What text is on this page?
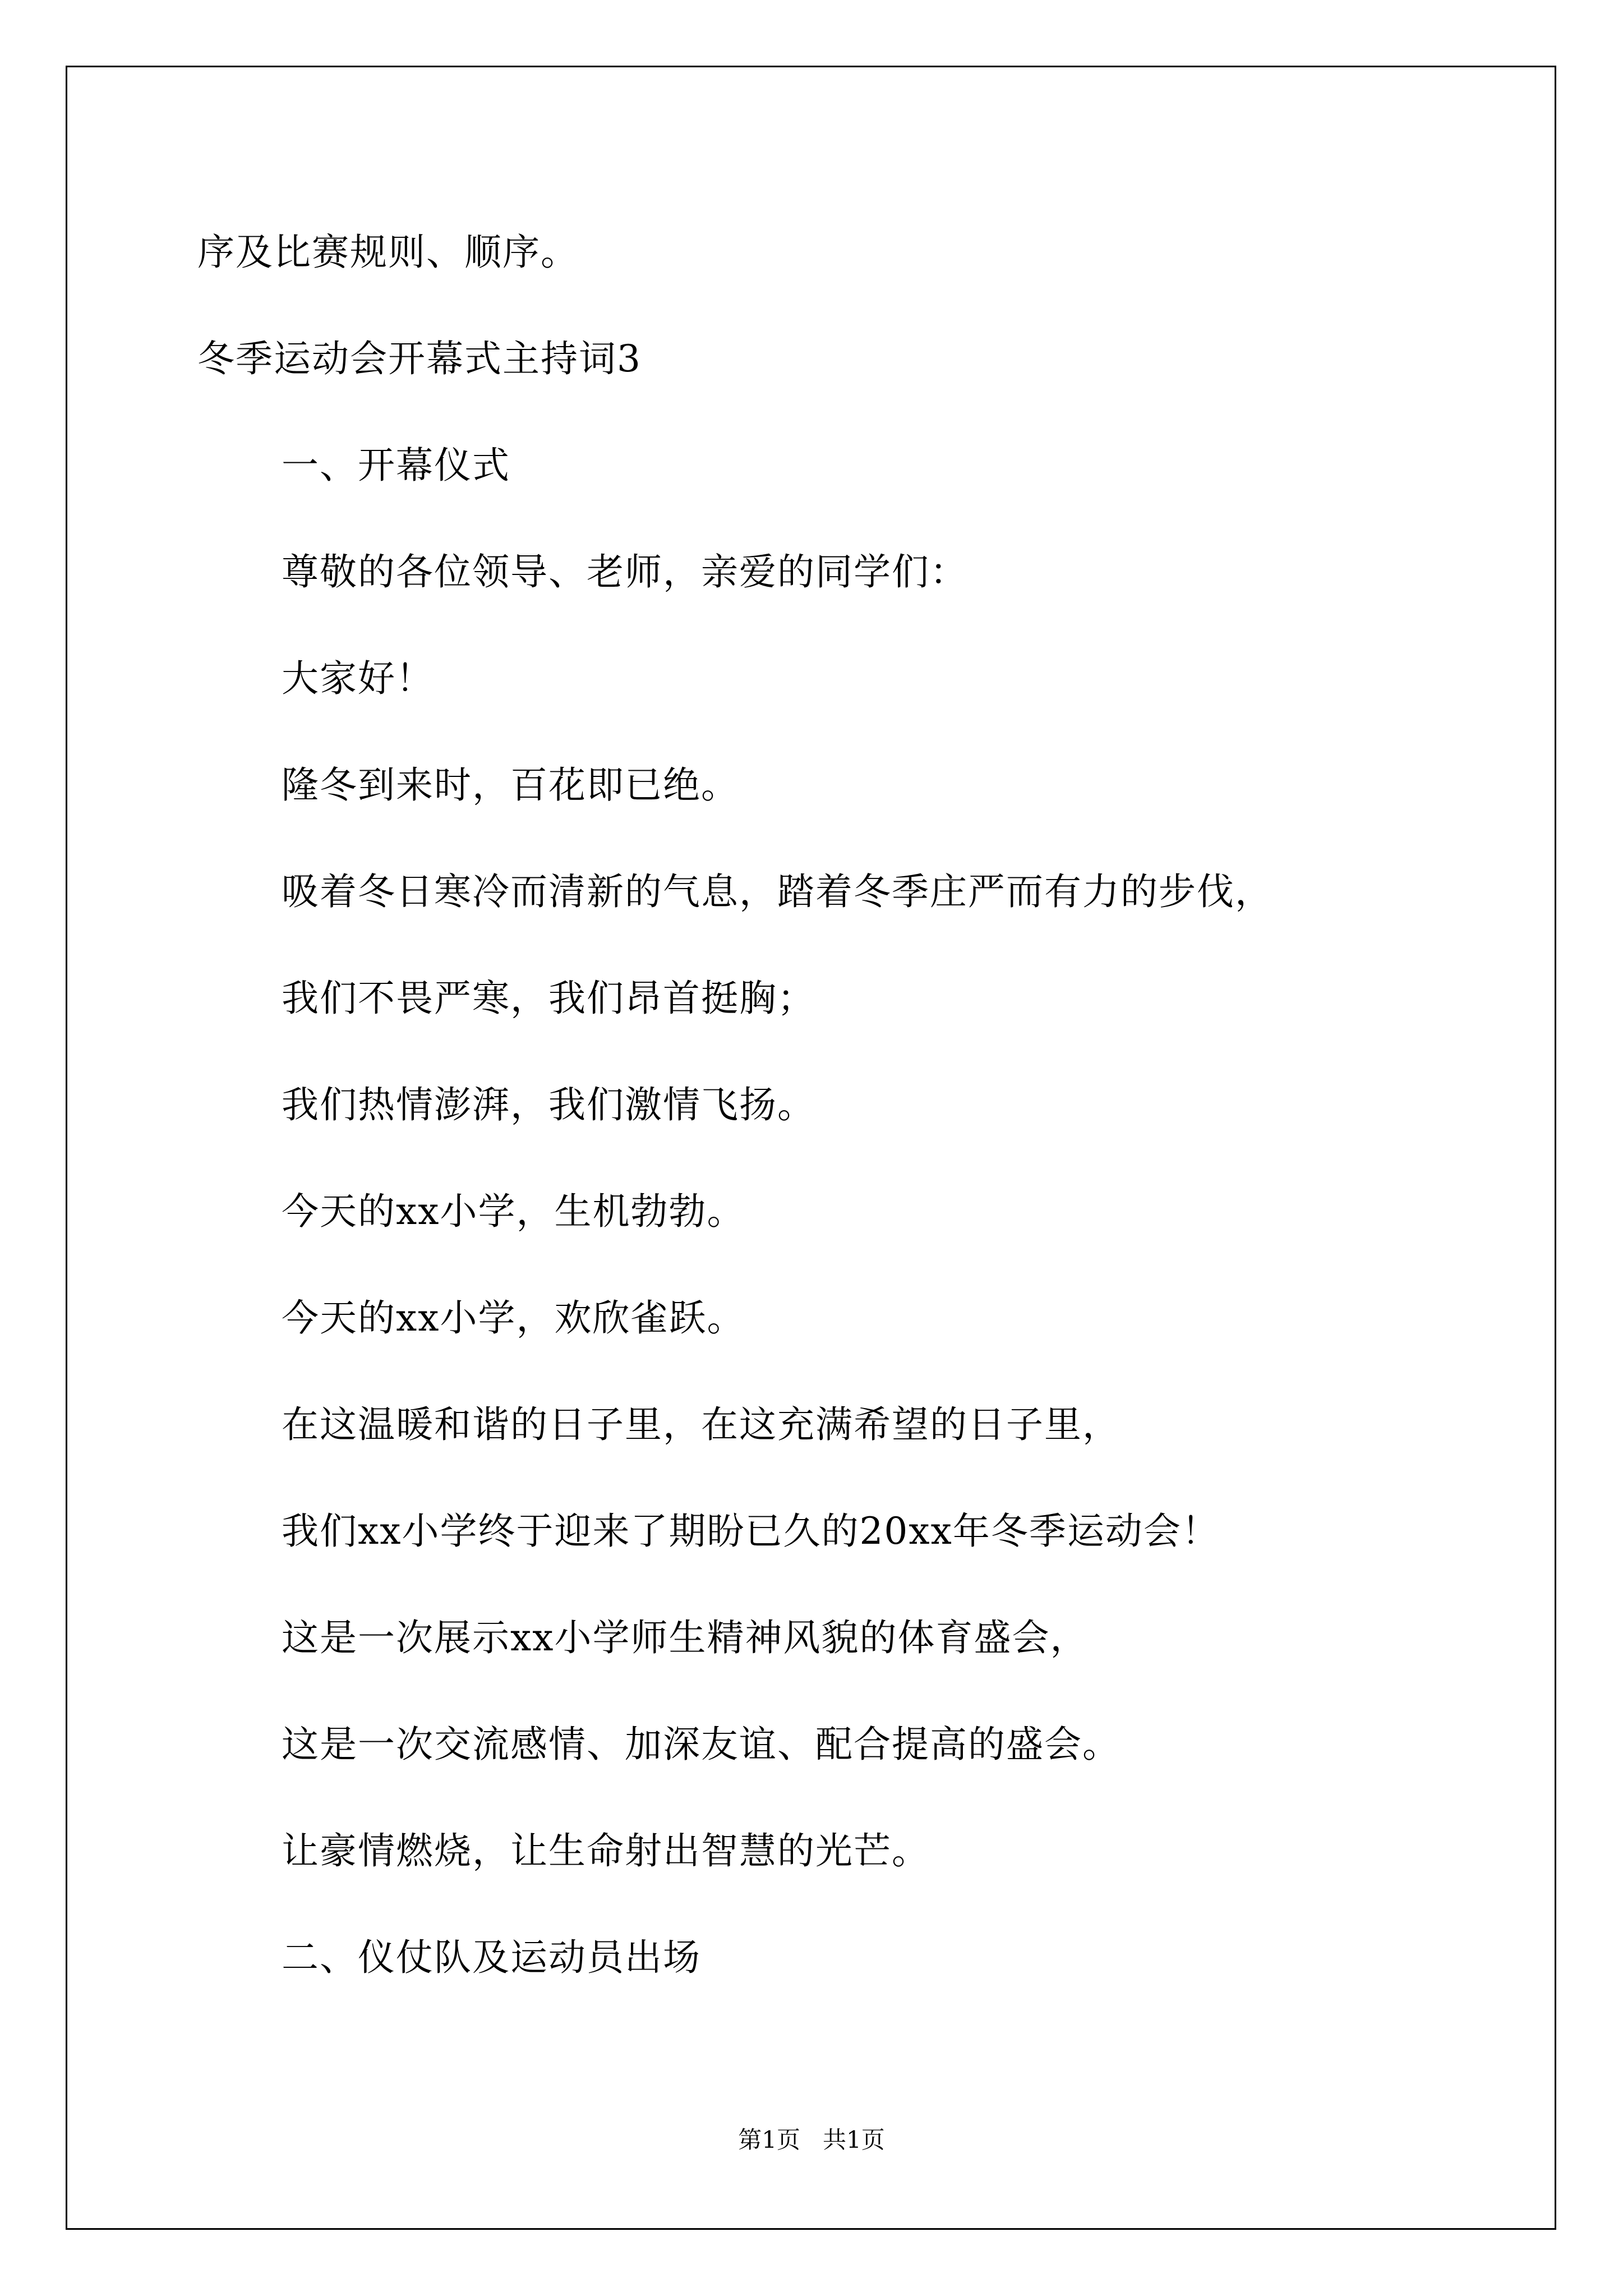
序及比赛规则、顺序。
冬季运动会开幕式主持词3
一、开幕仪式
尊敬的各位领导、老师，亲爱的同学们：
大家好！
隆冬到来时，百花即已绝。
吸着冬日寒冷而清新的气息，踏着冬季庄严而有力的步伐，
我们不畏严寒，我们昂首挺胸；
我们热情澎湃，我们激情飞扬。
今天的xx小学，生机勃勃。
今天的xx小学，欢欣雀跃。
在这温暖和谐的日子里，在这充满希望的日子里，
我们xx小学终于迎来了期盼已久的20xx年冬季运动会！
这是一次展示xx小学师生精神风貌的体育盛会，
这是一次交流感情、加深友谊、配合提高的盛会。
让豪情燃烧，让生命射出智慧的光芒。
二、仪仗队及运动员出场
第1页   共1页
